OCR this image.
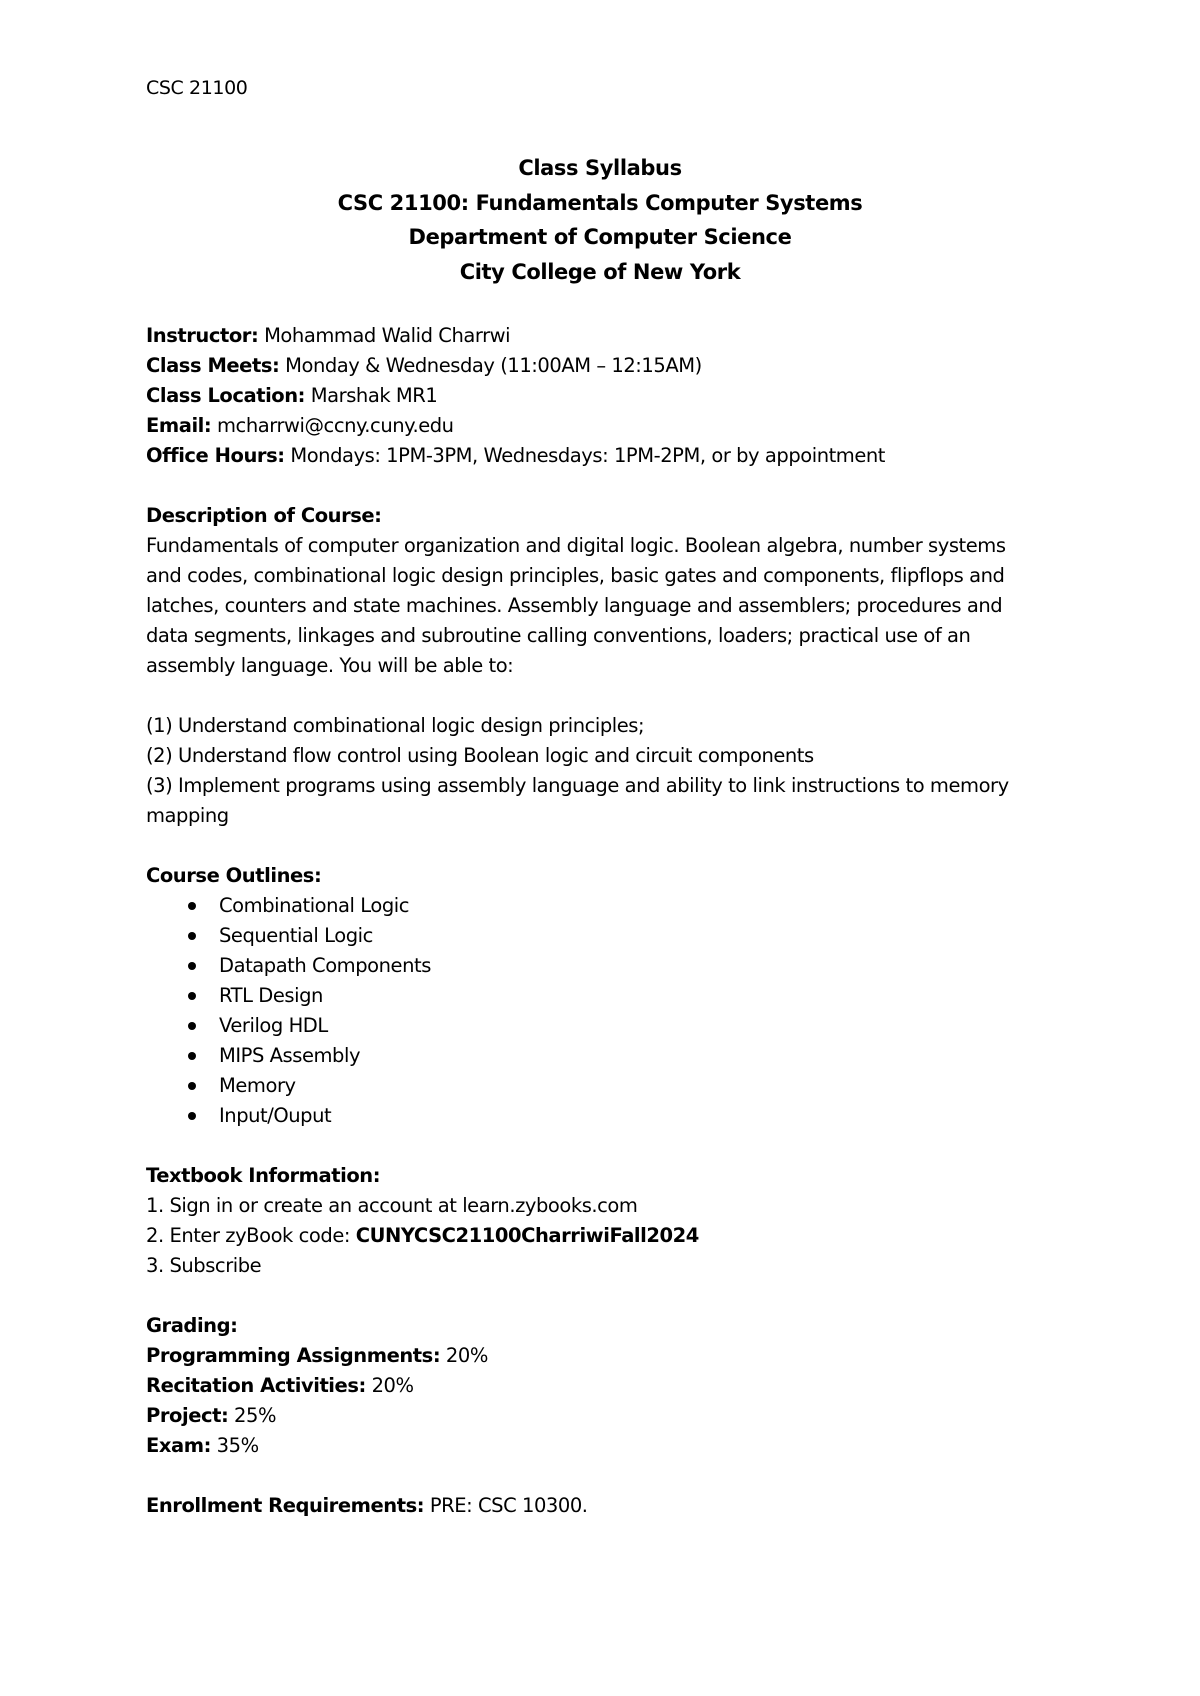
CSC 21100
Class Syllabus
CSC 21100: Fundamentals Computer Systems
Department of Computer Science
City College of New York
Instructor: Mohammad Walid Charrwi
Class Meets: Monday & Wednesday (11:00AM – 12:15AM)
Class Location: Marshak MR1
Email: mcharrwi@ccny.cuny.edu
Office Hours: Mondays: 1PM-3PM, Wednesdays: 1PM-2PM, or by appointment
Description of Course:
Fundamentals of computer organization and digital logic. Boolean algebra, number systems
and codes, combinational logic design principles, basic gates and components, flipflops and
latches, counters and state machines. Assembly language and assemblers; procedures and
data segments, linkages and subroutine calling conventions, loaders; practical use of an
assembly language. You will be able to:
(1) Understand combinational logic design principles;
(2) Understand flow control using Boolean logic and circuit components
(3) Implement programs using assembly language and ability to link instructions to memory
mapping
Course Outlines:
Combinational Logic
Sequential Logic
Datapath Components
RTL Design
Verilog HDL
MIPS Assembly
Memory
Input/Ouput
Textbook Information:
1. Sign in or create an account at learn.zybooks.com
2. Enter zyBook code: CUNYCSC21100CharriwiFall2024
3. Subscribe
Grading:
Programming Assignments: 20%
Recitation Activities: 20%
Project: 25%
Exam: 35%
Enrollment Requirements: PRE: CSC 10300.
